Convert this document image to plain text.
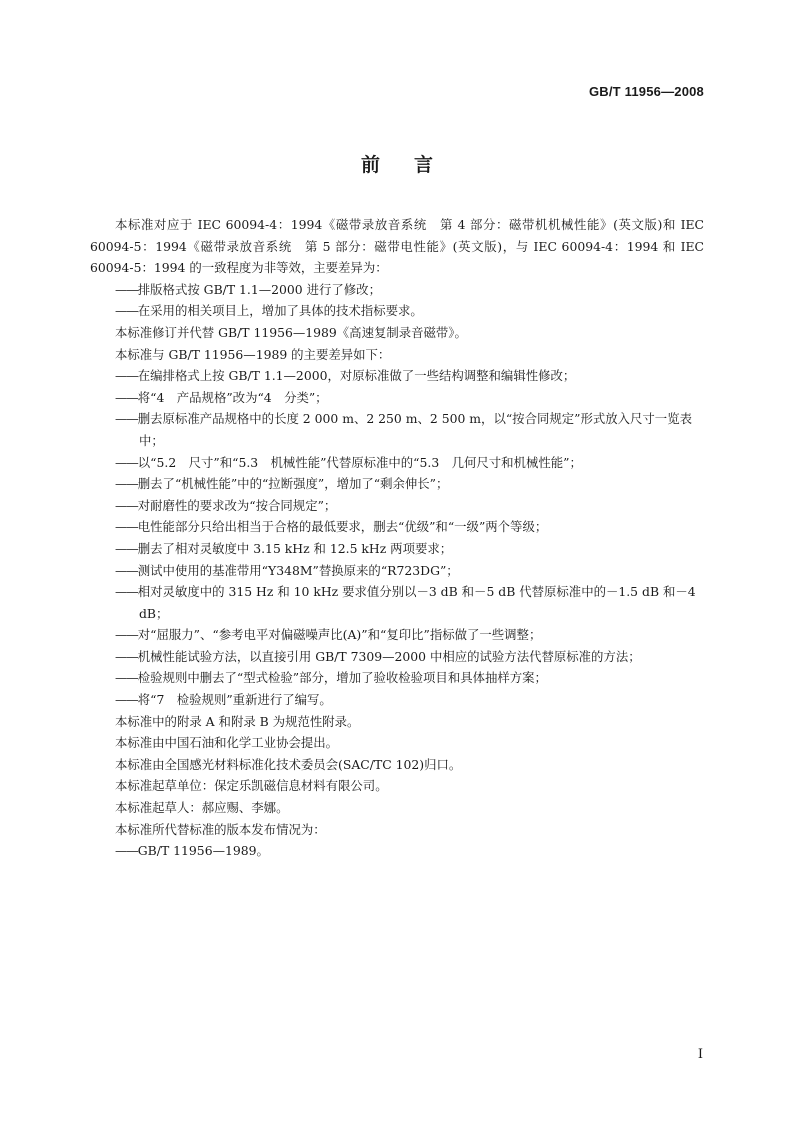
GB/T 11956—2008
前言
本标准对应于 IEC 60094-4：1994《磁带录放音系统　第 4 部分：磁带机机械性能》(英文版)和 IEC 60094-5：1994《磁带录放音系统　第 5 部分：磁带电性能》(英文版)，与 IEC 60094-4：1994 和 IEC 60094-5：1994 的一致程度为非等效，主要差异为：
——排版格式按 GB/T 1.1—2000 进行了修改；
——在采用的相关项目上，增加了具体的技术指标要求。
本标准修订并代替 GB/T 11956—1989《高速复制录音磁带》。
本标准与 GB/T 11956—1989 的主要差异如下：
——在编排格式上按 GB/T 1.1—2000，对原标准做了一些结构调整和编辑性修改；
——将“4　产品规格”改为“4　分类”；
——删去原标准产品规格中的长度 2 000 m、2 250 m、2 500 m，以“按合同规定”形式放入尺寸一览表中；
——以“5.2　尺寸”和“5.3　机械性能”代替原标准中的“5.3　几何尺寸和机械性能”；
——删去了“机械性能”中的“拉断强度”，增加了“剩余伸长”；
——对耐磨性的要求改为“按合同规定”；
——电性能部分只给出相当于合格的最低要求，删去“优级”和“一级”两个等级；
——删去了相对灵敏度中 3.15 kHz 和 12.5 kHz 两项要求；
——测试中使用的基准带用“Y348M”替换原来的“R723DG”；
——相对灵敏度中的 315 Hz 和 10 kHz 要求值分别以－3 dB 和－5 dB 代替原标准中的－1.5 dB 和－4 dB；
——对“屈服力”、“参考电平对偏磁噪声比(A)”和“复印比”指标做了一些调整；
——机械性能试验方法，以直接引用 GB/T 7309—2000 中相应的试验方法代替原标准的方法；
——检验规则中删去了“型式检验”部分，增加了验收检验项目和具体抽样方案；
——将“7　检验规则”重新进行了编写。
本标准中的附录 A 和附录 B 为规范性附录。
本标准由中国石油和化学工业协会提出。
本标准由全国感光材料标准化技术委员会(SAC/TC 102)归口。
本标准起草单位：保定乐凯磁信息材料有限公司。
本标准起草人：郝应赐、李娜。
本标准所代替标准的版本发布情况为：
——GB/T 11956—1989。
I
